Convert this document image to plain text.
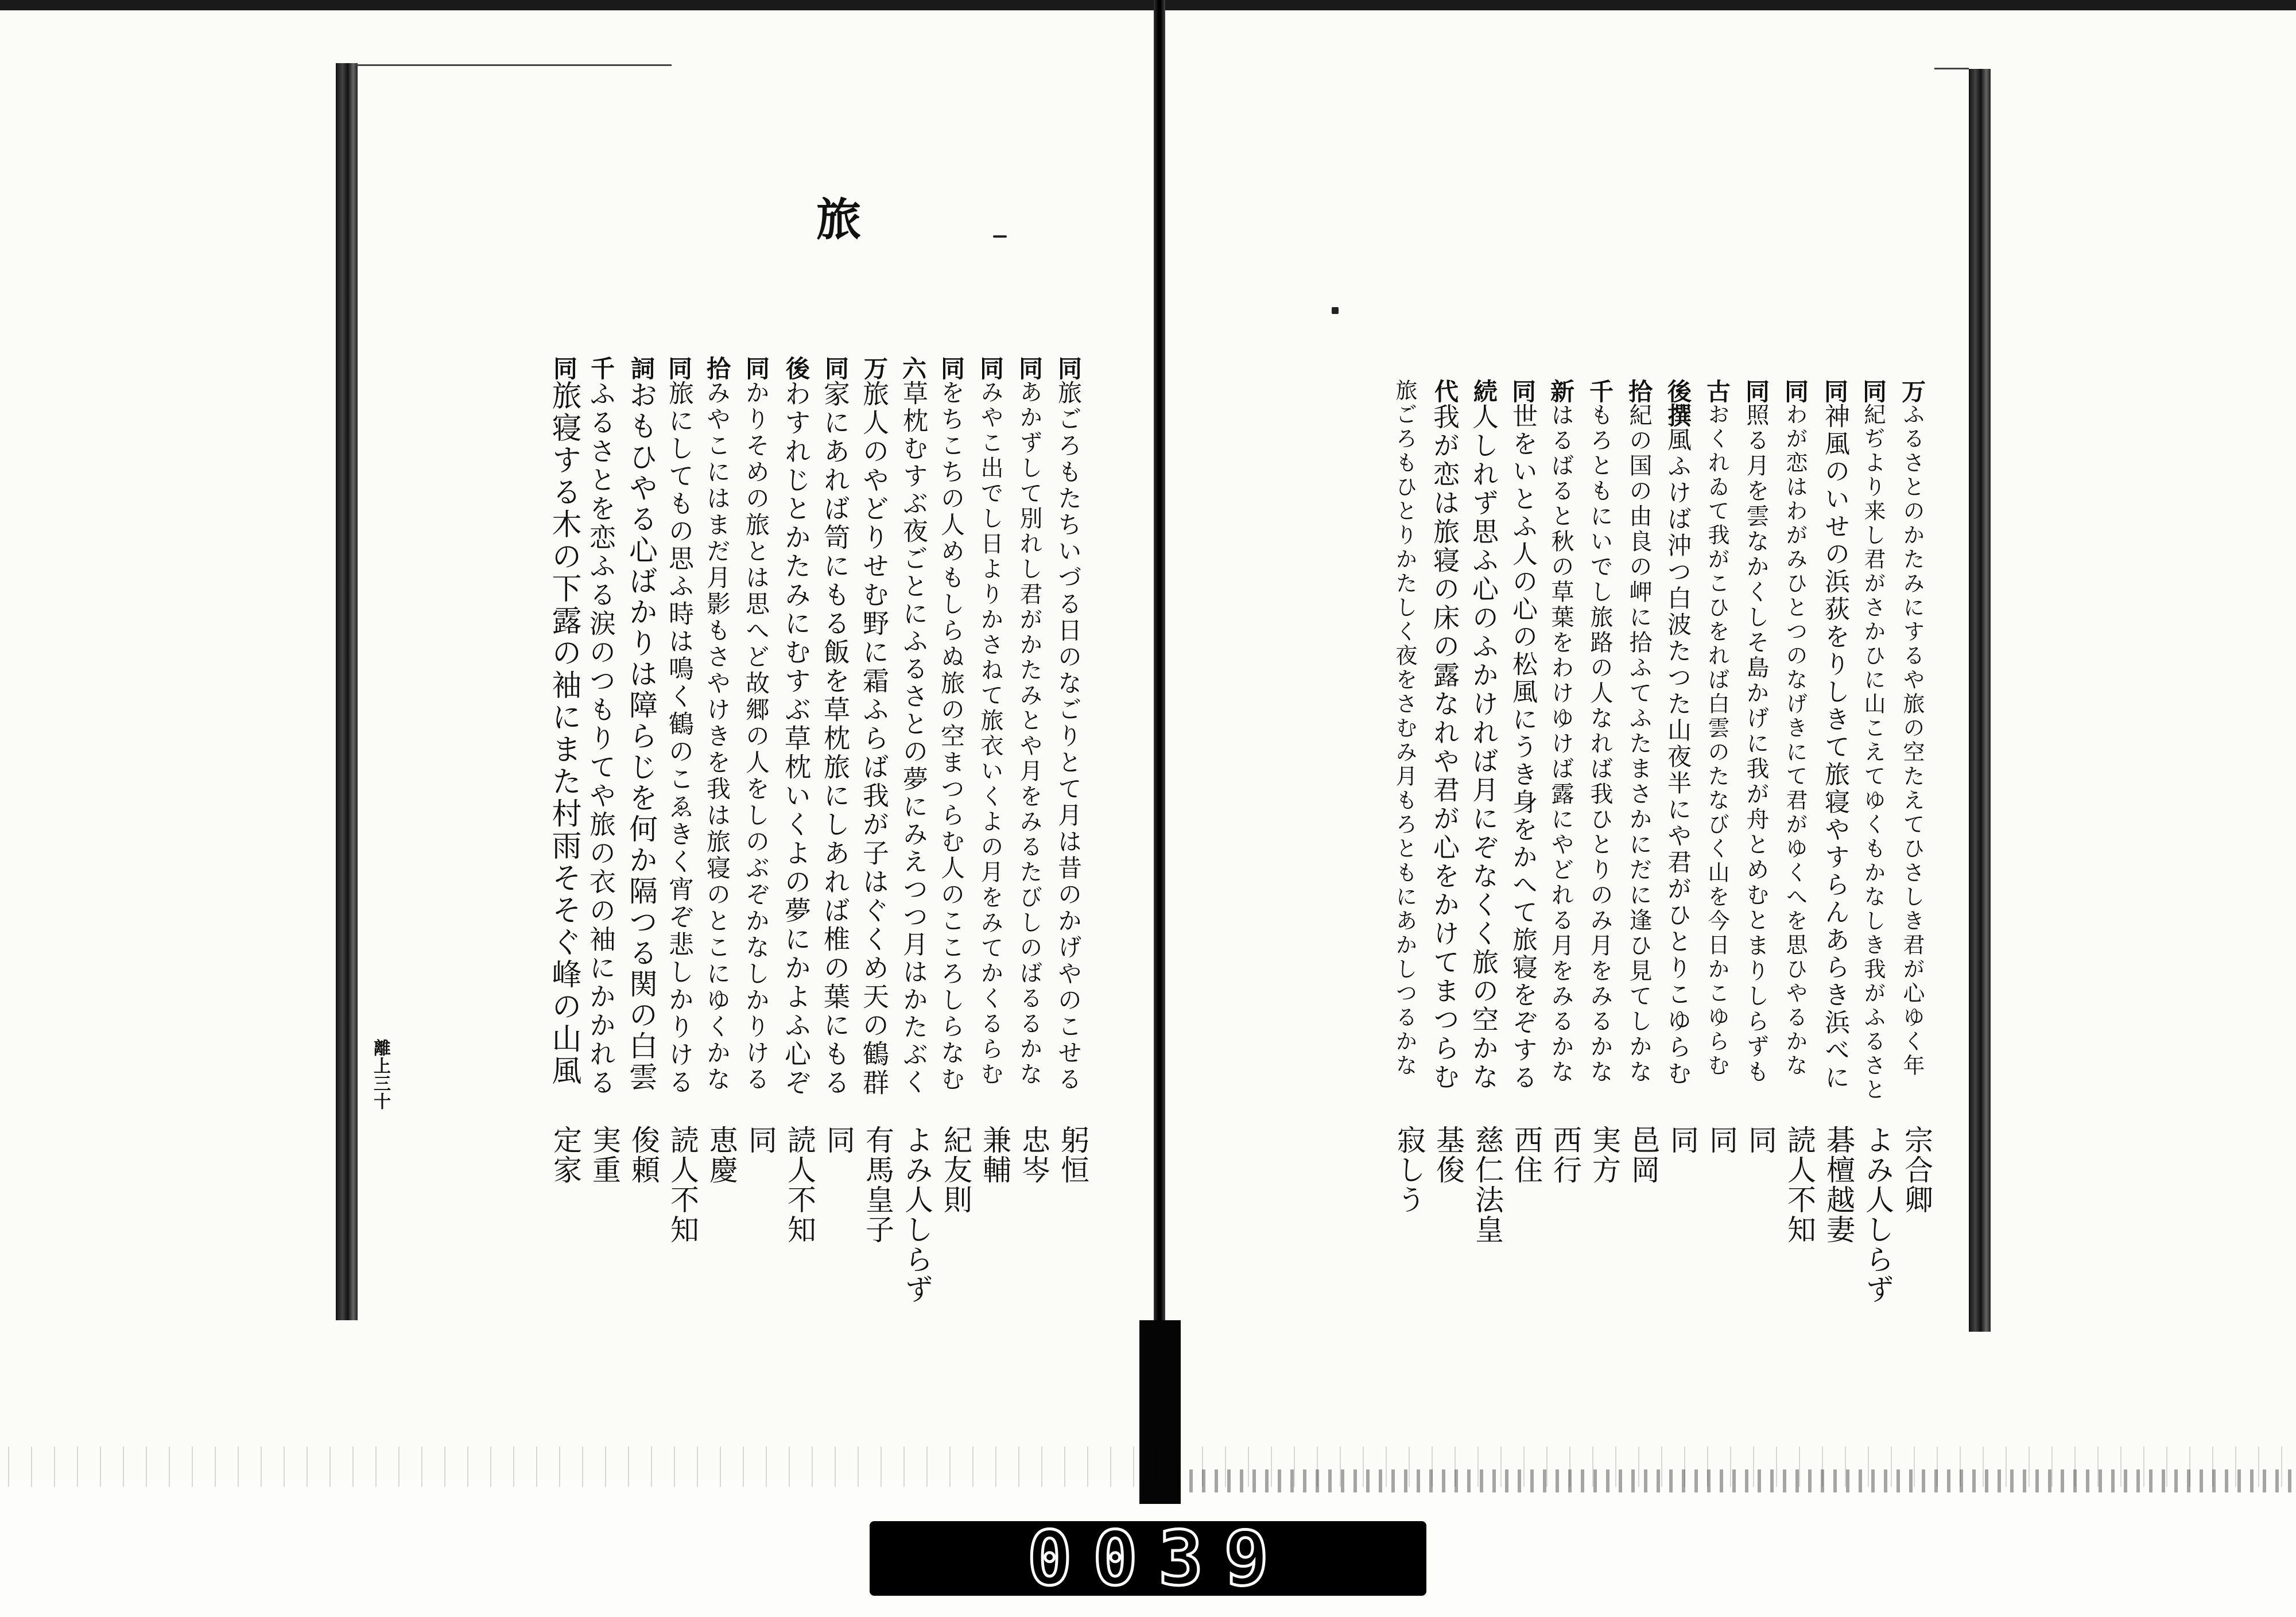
旅
万ふるさとのかたみにするや旅の空たえてひさしき君が心ゆく年
宗合卿
同紀ぢより来し君がさかひに山こえてゆくもかなしき我がふるさと
よみ人しらず
同神風のいせの浜荻をりしきて旅寝やすらんあらき浜べに
碁檀越妻
同わが恋はわがみひとつのなげきにて君がゆくへを思ひやるかな
読人不知
同照る月を雲なかくしそ島かげに我が舟とめむとまりしらずも
同
古おくれゐて我がこひをれば白雲のたなびく山を今日かこゆらむ
同
後撰風ふけば沖つ白波たつた山夜半にや君がひとりこゆらむ
同
拾紀の国の由良の岬に拾ふてふたまさかにだに逢ひ見てしかな
邑岡
千もろともにいでし旅路の人なれば我ひとりのみ月をみるかな
実方
新はるばると秋の草葉をわけゆけば露にやどれる月をみるかな
西行
同世をいとふ人の心の松風にうき身をかへて旅寝をぞする
西住
続人しれず思ふ心のふかければ月にぞなくく旅の空かな
慈仁法皇
代我が恋は旅寝の床の露なれや君が心をかけてまつらむ
基俊
旅ごろもひとりかたしく夜をさむみ月もろともにあかしつるかな
寂しう
同旅ごろもたちいづる日のなごりとて月は昔のかげやのこせる
躬恒
同あかずして別れし君がかたみとや月をみるたびしのばるるかな
忠岑
同みやこ出でし日よりかさねて旅衣いくよの月をみてかくるらむ
兼輔
同をちこちの人めもしらぬ旅の空まつらむ人のこころしらなむ
紀友則
六草枕むすぶ夜ごとにふるさとの夢にみえつつ月はかたぶく
よみ人しらず
万旅人のやどりせむ野に霜ふらば我が子はぐくめ天の鶴群
有馬皇子
同家にあれば笥にもる飯を草枕旅にしあれば椎の葉にもる
同
後わすれじとかたみにむすぶ草枕いくよの夢にかよふ心ぞ
読人不知
同かりそめの旅とは思へど故郷の人をしのぶぞかなしかりける
同
拾みやこにはまだ月影もさやけきを我は旅寝のとこにゆくかな
恵慶
同旅にしてもの思ふ時は鳴く鶴のこゑきく宵ぞ悲しかりける
読人不知
詞おもひやる心ばかりは障らじを何か隔つる関の白雲
俊頼
千ふるさとを恋ふる涙のつもりてや旅の衣の袖にかかれる
実重
同旅寝する木の下露の袖にまた村雨そそぐ峰の山風
定家
離上三十
0039
